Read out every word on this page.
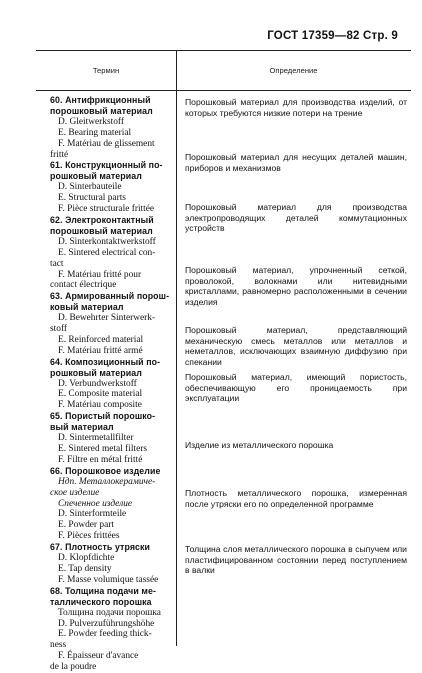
ГОСТ 17359—82 Стр. 9
Термин	Определение
60. Антифрикционный
порошковый материал
D. Gleitwerkstoff
E. Bearing material
F. Matériau de glissement
fritté
61. Конструкционный по-
рошковый материал
D. Sinterbauteile
E. Structural parts
F. Pièce structurale frittée
62. Электроконтактный
порошковый материал
D. Sinterkontaktwerkstoff
E. Sintered electrical con-
tact
F. Matériau fritté pour
contact électrique
63. Армированный порош-
ковый материал
D. Bewehrter Sinterwerk-
stoff
E. Reinforced material
F. Matériau fritté armé
64. Композиционный по-
рошковый материал
D. Verbundwerkstoff
E. Composite material
F. Matériau composite
65. Пористый порошко-
вый материал
D. Sintermetallfilter
E. Sintered metal filters
F. Filtre en métal fritté
66. Порошковое изделие
Ндп. Металлокерамиче-
ское изделие
Спеченное изделие
D. Sinterformteile
E. Powder part
F. Pièces frittées
67. Плотность утряски
D. Klopfdichte
E. Tap density
F. Masse volumique tassée
68. Толщина подачи ме-
таллического порошка
Толщина подачи порошка
D. Pulverzuführungshöhe
E. Powder feeding thick-
ness
F. Épaisseur d'avance
de la poudre
Порошковый материал для производства изделий, от которых требуются низкие потери на трение
Порошковый материал для несущих деталей машин, приборов и механизмов
Порошковый материал для производства электропроводящих деталей коммутационных устройств
Порошковый материал, упрочненный сеткой, проволокой, волокнами или нитевидными кристаллами, равномерно расположенными в сечении изделия
Порошковый материал, представляющий механическую смесь металлов или металлов и неметаллов, исключающих взаимную диффузию при спекании
Порошковый материал, имеющий пористость, обеспечивающую его проницаемость при эксплуатации
Изделие из металлического порошка
Плотность металлического порошка, измеренная после утряски его по определенной программе
Толщина слоя металлического порошка в сыпучем или пластифицированном состоянии перед поступлением в валки
